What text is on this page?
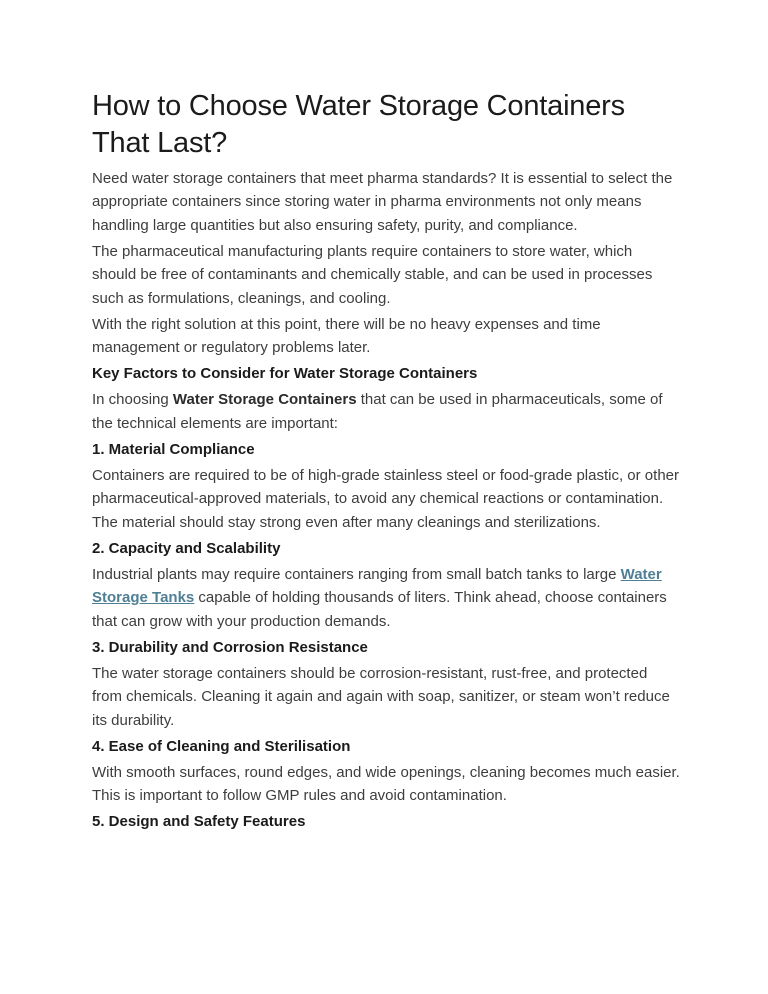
How to Choose Water Storage Containers That Last?

Need water storage containers that meet pharma standards? It is essential to select the appropriate containers since storing water in pharma environments not only means handling large quantities but also ensuring safety, purity, and compliance.

The pharmaceutical manufacturing plants require containers to store water, which should be free of contaminants and chemically stable, and can be used in processes such as formulations, cleanings, and cooling.

With the right solution at this point, there will be no heavy expenses and time management or regulatory problems later.

Key Factors to Consider for Water Storage Containers

In choosing Water Storage Containers that can be used in pharmaceuticals, some of the technical elements are important:

1. Material Compliance

Containers are required to be of high-grade stainless steel or food-grade plastic, or other pharmaceutical-approved materials, to avoid any chemical reactions or contamination. The material should stay strong even after many cleanings and sterilizations.

2. Capacity and Scalability

Industrial plants may require containers ranging from small batch tanks to large Water Storage Tanks capable of holding thousands of liters. Think ahead, choose containers that can grow with your production demands.

3. Durability and Corrosion Resistance

The water storage containers should be corrosion-resistant, rust-free, and protected from chemicals. Cleaning it again and again with soap, sanitizer, or steam won’t reduce its durability.

4. Ease of Cleaning and Sterilisation

With smooth surfaces, round edges, and wide openings, cleaning becomes much easier. This is important to follow GMP rules and avoid contamination.

5. Design and Safety Features
